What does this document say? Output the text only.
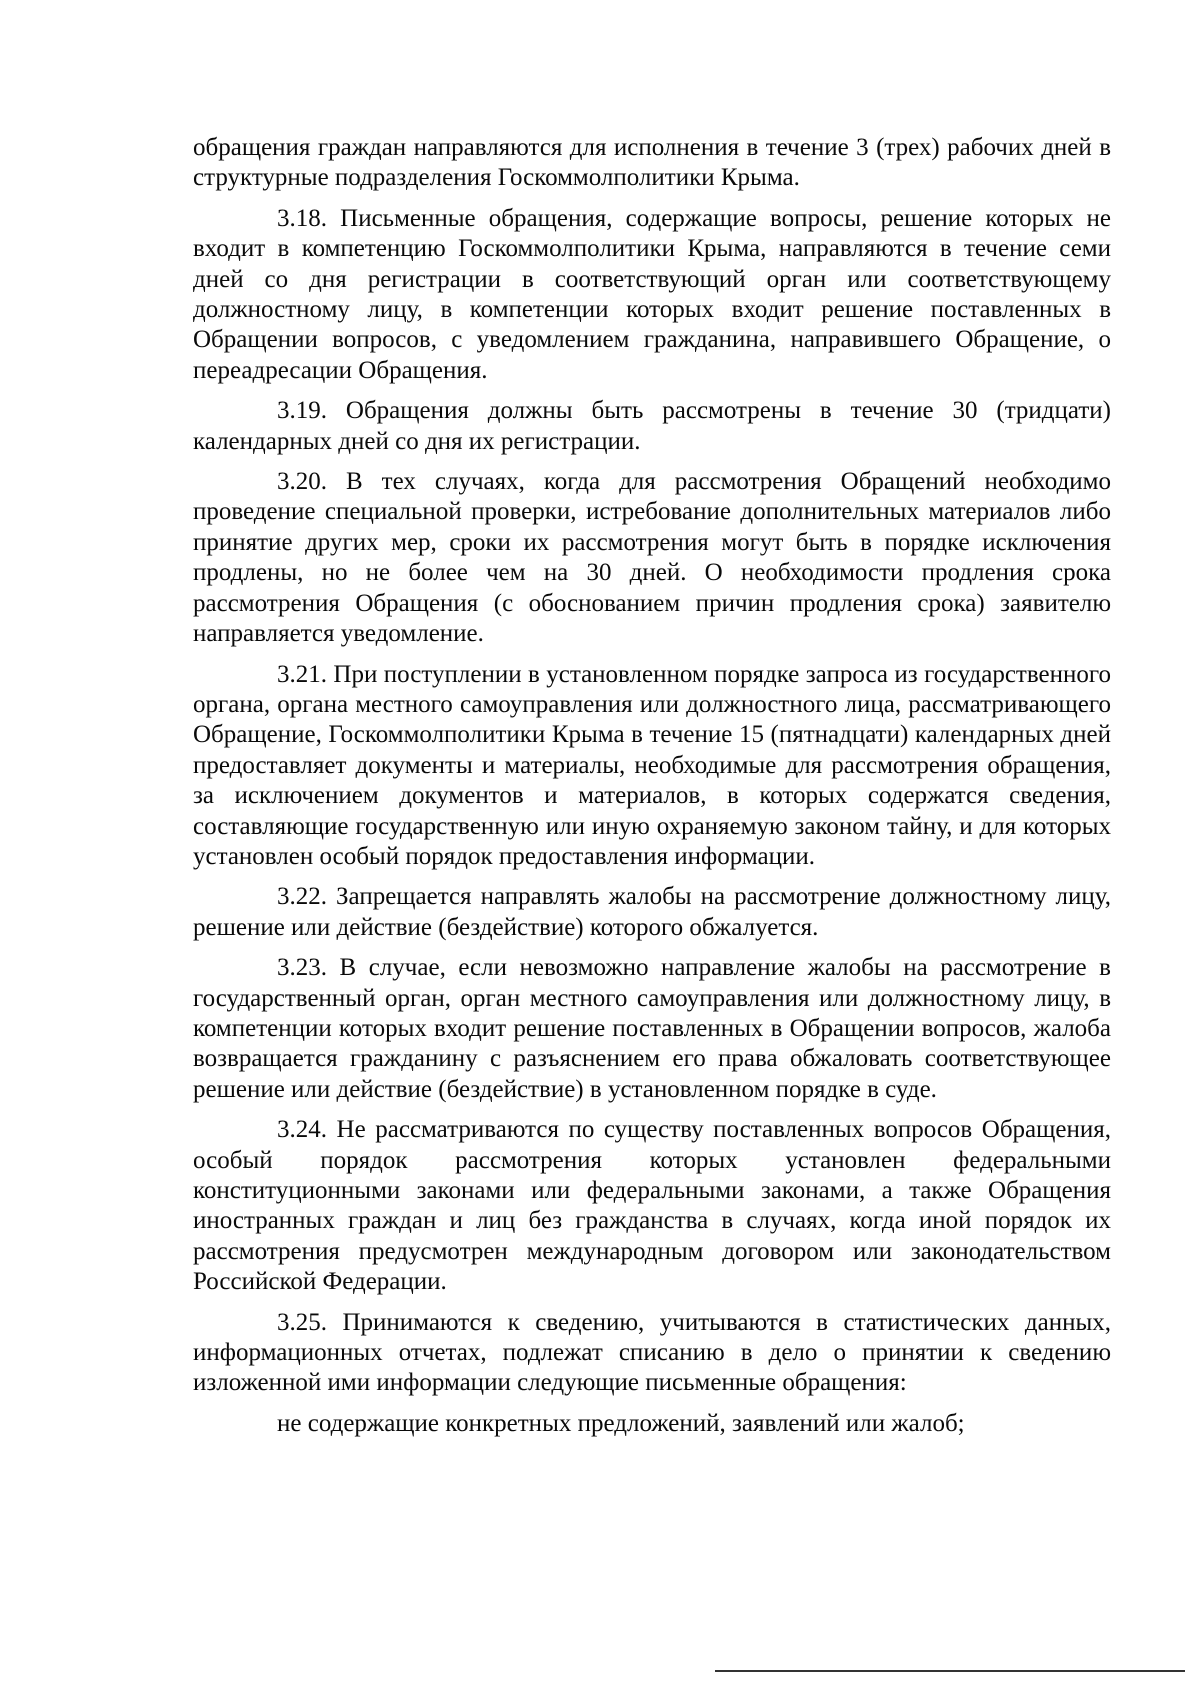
обращения граждан направляются для исполнения в течение 3 (трех) рабочих дней в структурные подразделения Госкоммолполитики Крыма.

3.18. Письменные обращения, содержащие вопросы, решение которых не входит в компетенцию Госкоммолполитики Крыма, направляются в течение семи дней со дня регистрации в соответствующий орган или соответствующему должностному лицу, в компетенции которых входит решение поставленных в Обращении вопросов, с уведомлением гражданина, направившего Обращение, о переадресации Обращения.

3.19. Обращения должны быть рассмотрены в течение 30 (тридцати) календарных дней со дня их регистрации.

3.20. В тех случаях, когда для рассмотрения Обращений необходимо проведение специальной проверки, истребование дополнительных материалов либо принятие других мер, сроки их рассмотрения могут быть в порядке исключения продлены, но не более чем на 30 дней. О необходимости продления срока рассмотрения Обращения (с обоснованием причин продления срока) заявителю направляется уведомление.

3.21. При поступлении в установленном порядке запроса из государственного органа, органа местного самоуправления или должностного лица, рассматривающего Обращение, Госкоммолполитики Крыма в течение 15 (пятнадцати) календарных дней предоставляет документы и материалы, необходимые для рассмотрения обращения, за исключением документов и материалов, в которых содержатся сведения, составляющие государственную или иную охраняемую законом тайну, и для которых установлен особый порядок предоставления информации.

3.22. Запрещается направлять жалобы на рассмотрение должностному лицу, решение или действие (бездействие) которого обжалуется.

3.23. В случае, если невозможно направление жалобы на рассмотрение в государственный орган, орган местного самоуправления или должностному лицу, в компетенции которых входит решение поставленных в Обращении вопросов, жалоба возвращается гражданину с разъяснением его права обжаловать соответствующее решение или действие (бездействие) в установленном порядке в суде.

3.24. Не рассматриваются по существу поставленных вопросов Обращения, особый порядок рассмотрения которых установлен федеральными конституционными законами или федеральными законами, а также Обращения иностранных граждан и лиц без гражданства в случаях, когда иной порядок их рассмотрения предусмотрен международным договором или законодательством Российской Федерации.

3.25. Принимаются к сведению, учитываются в статистических данных, информационных отчетах, подлежат списанию в дело о принятии к сведению изложенной ими информации следующие письменные обращения:

не содержащие конкретных предложений, заявлений или жалоб;
